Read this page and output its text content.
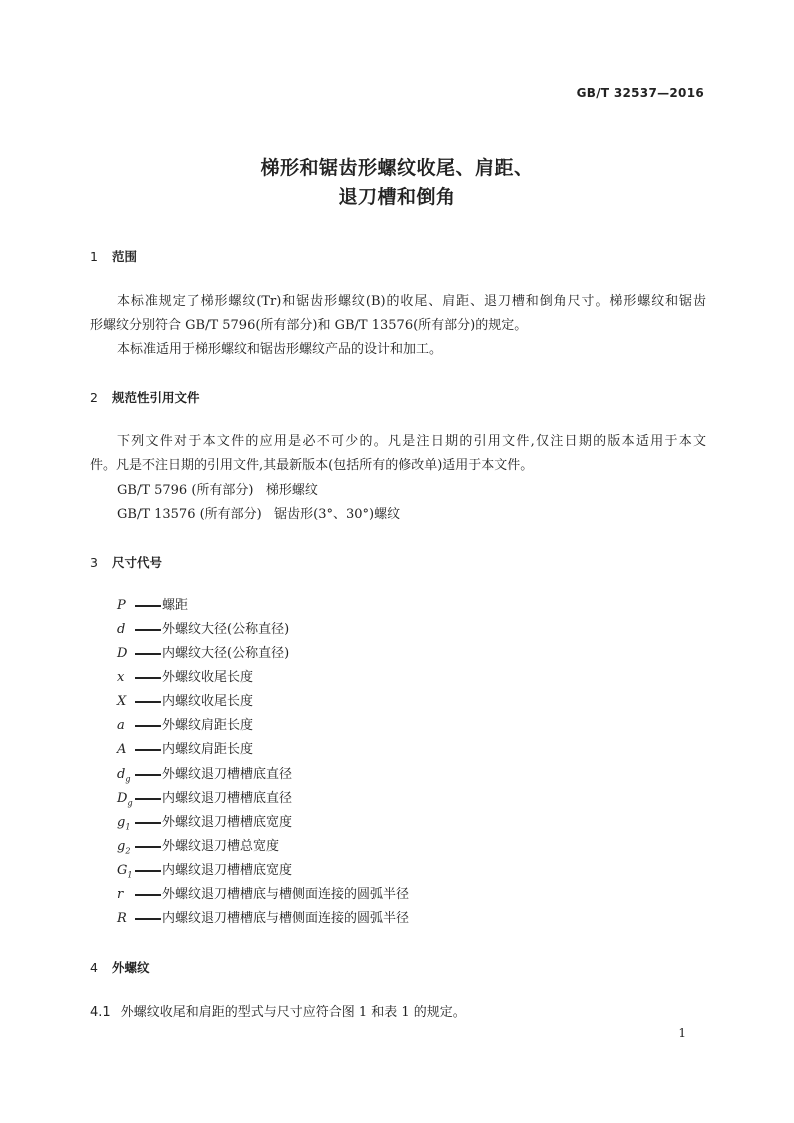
GB/T 32537—2016
梯形和锯齿形螺纹收尾、肩距、
退刀槽和倒角
1 范围
本标准规定了梯形螺纹(Tr)和锯齿形螺纹(B)的收尾、肩距、退刀槽和倒角尺寸。梯形螺纹和锯齿
形螺纹分别符合 GB/T 5796(所有部分)和 GB/T 13576(所有部分)的规定。
本标准适用于梯形螺纹和锯齿形螺纹产品的设计和加工。
2 规范性引用文件
下列文件对于本文件的应用是必不可少的。凡是注日期的引用文件,仅注日期的版本适用于本文
件。凡是不注日期的引用文件,其最新版本(包括所有的修改单)适用于本文件。
GB/T 5796 (所有部分)   梯形螺纹
GB/T 13576 (所有部分)   锯齿形(3°、30°)螺纹
3 尺寸代号
P	螺距
d	外螺纹大径(公称直径)
D	内螺纹大径(公称直径)
x	外螺纹收尾长度
X	内螺纹收尾长度
a	外螺纹肩距长度
A	内螺纹肩距长度
$d_g$ 外螺纹退刀槽槽底直径
$D_g$ 内螺纹退刀槽槽底直径
$g_1$ 外螺纹退刀槽槽底宽度
$g_2$ 外螺纹退刀槽总宽度
$G_1$ 内螺纹退刀槽槽底宽度
r	外螺纹退刀槽槽底与槽侧面连接的圆弧半径
R	内螺纹退刀槽槽底与槽侧面连接的圆弧半径
4 外螺纹
4.1 外螺纹收尾和肩距的型式与尺寸应符合图 1 和表 1 的规定。
1
